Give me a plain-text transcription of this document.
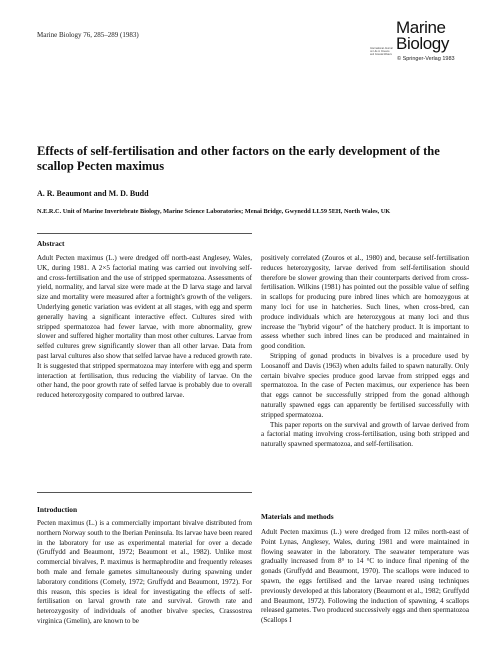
Marine Biology 76, 285–289 (1983)
International Journal on Life in Oceans and Coastal Waters
Marine
Biology
© Springer-Verlag 1983
Effects of self-fertilisation and other factors on the early development of the scallop Pecten maximus
A. R. Beaumont and M. D. Budd
N.E.R.C. Unit of Marine Invertebrate Biology, Marine Science Laboratories; Menai Bridge, Gwynedd LL59 5EH, North Wales, UK
Abstract

Adult Pecten maximus (L.) were dredged off north-east Anglesey, Wales, UK, during 1981. A 2×5 factorial mating was carried out involving self- and cross-fertilisation and the use of stripped spermatozoa. Assessments of yield, normality, and larval size were made at the D larva stage and larval size and mortality were measured after a fortnight's growth of the veligers. Underlying genetic variation was evident at all stages, with egg and sperm generally having a significant interactive effect. Cultures sired with stripped spermatozoa had fewer larvae, with more abnormality, grew slower and suffered higher mortality than most other cultures. Larvae from selfed cultures grew significantly slower than all other larvae. Data from past larval cultures also show that selfed larvae have a reduced growth rate. It is suggested that stripped spermatozoa may interfere with egg and sperm interaction at fertilisation, thus reducing the viability of larvae. On the other hand, the poor growth rate of selfed larvae is probably due to overall reduced heterozygosity compared to outbred larvae.

positively correlated (Zouros et al., 1980) and, because self-fertilisation reduces heterozygosity, larvae derived from self-fertilisation should therefore be slower growing than their counterparts derived from cross-fertilisation. Wilkins (1981) has pointed out the possible value of selfing in scallops for producing pure inbred lines which are homozygous at many loci for use in hatcheries. Such lines, when cross-bred, can produce individuals which are heterozygous at many loci and thus increase the "hybrid vigour" of the hatchery product. It is important to assess whether such inbred lines can be produced and maintained in good condition.

Stripping of gonad products in bivalves is a procedure used by Loosanoff and Davis (1963) when adults failed to spawn naturally. Only certain bivalve species produce good larvae from stripped eggs and spermatozoa. In the case of Pecten maximus, our experience has been that eggs cannot be successfully stripped from the gonad although naturally spawned eggs can apparently be fertilised successfully with stripped spermatozoa.

This paper reports on the survival and growth of larvae derived from a factorial mating involving cross-fertilisation, using both stripped and naturally spawned spermatozoa, and self-fertilisation.

Introduction

Pecten maximus (L.) is a commercially important bivalve distributed from northern Norway south to the Iberian Peninsula. Its larvae have been reared in the laboratory for use as experimental material for over a decade (Gruffydd and Beaumont, 1972; Beaumont et al., 1982). Unlike most commercial bivalves, P. maximus is hermaphrodite and frequently releases both male and female gametes simultaneously during spawning under laboratory conditions (Comely, 1972; Gruffydd and Beaumont, 1972). For this reason, this species is ideal for investigating the effects of self-fertilisation on larval growth rate and survival. Growth rate and heterozygosity of individuals of another bivalve species, Crassostrea virginica (Gmelin), are known to be

Materials and methods

Adult Pecten maximus (L.) were dredged from 12 miles north-east of Point Lynas, Anglesey, Wales, during 1981 and were maintained in flowing seawater in the laboratory. The seawater temperature was gradually increased from 8° to 14 °C to induce final ripening of the gonads (Gruffydd and Beaumont, 1970). The scallops were induced to spawn, the eggs fertilised and the larvae reared using techniques previously developed at this laboratory (Beaumont et al., 1982; Gruffydd and Beaumont, 1972). Following the induction of spawning, 4 scallops released gametes. Two produced successively eggs and then spermatozoa (Scallops I
